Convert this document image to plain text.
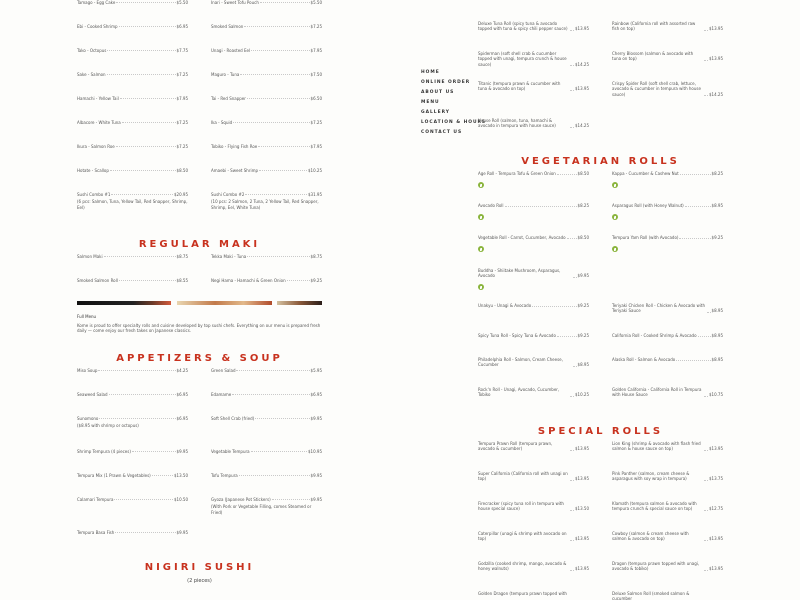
Tamago - Egg Cake	$5.50
Ebi - Cooked Shrimp	$6.95
Tako - Octopus	$7.75
Sake - Salmon	$7.25
Hamachi - Yellow Tail	$7.95
Albacore - White Tuna	$7.25
Ikura - Salmon Roe	$7.25
Hotate - Scallop	$8.50
Sushi Combo #1	$20.95
(6 pcs: Salmon, Tuna, Yellow Tail, Red Snapper, Shrimp, Eel)
Inari - Sweet Tofu Pouch	$5.50
Smoked Salmon	$7.25
Unagi - Roasted Eel	$7.95
Maguro - Tuna	$7.50
Tai - Red Snapper	$6.50
Ika - Squid	$7.25
Tobiko - Flying Fish Roe	$7.95
Amaebi - Sweet Shrimp	$10.25
Sushi Combo #2	$31.95
(10 pcs: 2 Salmon, 2 Tuna, 2 Yellow Tail, Red Snapper, Shrimp, Eel, White Tuna)
REGULAR MAKI
Salmon Maki	$8.75
Smoked Salmon Roll	$8.55
Tekka Maki - Tuna	$8.75
Negi Hama - Hamachi & Green Onion	$9.25
Full Menu
Kome is proud to offer specialty rolls and cuisine developed by top sushi chefs. Everything on our menu is prepared fresh daily — come enjoy our fresh takes on Japanese classics.
APPETIZERS & SOUP
Miso Soup	$4.25
Seaweed Salad	$6.95
Sunomono	$6.95
($8.95 with shrimp or octopus)
Shrimp Tempura (4 pieces)	$9.95
Tempura Mix (1 Prawn & Vegetables)	$13.50
Calamari Tempura	$10.50
Tempura Basa Fish	$9.95
Green Salad	$5.95
Edamame	$6.95
Soft Shell Crab (fried)	$9.95
Vegetable Tempura	$10.95
Tofu Tempura	$9.95
Gyoza (Japanese Pot Stickers)	$9.95
(With Pork or Vegetable Filling, comes Steamed or Fried)
NIGIRI SUSHI
(2 pieces)
HOME
ONLINE ORDER
ABOUT US
MENU
GALLERY
LOCATION & HOURS
CONTACT US
Deluxe Tuna Roll (spicy tuna & avocado topped with tuna & spicy chili pepper sauce)	$13.95
Spiderman (soft shell crab & cucumber topped with unagi, tempura crunch & house sauce)	$14.25
Titanic (tempura prawn & cucumber with tuna & avocado on top)	$13.95
House Roll (salmon, tuna, hamachi & avocado in tempura with house sauce)	$14.25
Rainbow (California roll with assorted raw fish on top)	$13.95
Cherry Blossom (salmon & avocado with tuna on top)	$13.95
Crispy Spider Roll (soft shell crab, lettuce, avocado & cucumber in tempura with house sauce)	$14.25
VEGETARIAN ROLLS
Age Roll - Tempura Tofu & Green Onion	$8.50
Avocado Roll	$8.25
Vegetable Roll - Carrot, Cucumber, Avocado	$8.50
Buddha - Shiitake Mushroom, Asparagus, Avocado	$9.95
Unakyu - Unagi & Avocado	$9.25
Spicy Tuna Roll - Spicy Tuna & Avocado	$9.25
Philadelphia Roll - Salmon, Cream Cheese, Cucumber	$8.95
Rock'n Roll - Unagi, Avocado, Cucumber, Tobiko	$10.25
Kappa - Cucumber & Cashew Nut	$8.25
Asparagus Roll (with Honey Walnut)	$8.95
Tempura Yam Roll (with Avocado)	$9.25
Teriyaki Chicken Roll - Chicken & Avocado with Teriyaki Sauce	$8.95
California Roll - Cooked Shrimp & Avocado	$8.95
Alaska Roll - Salmon & Avocado	$8.95
Golden California - California Roll in Tempura with House Sauce	$10.75
SPECIAL ROLLS
Tempura Prawn Roll (tempura prawn, avocado & cucumber)	$13.95
Super California (California roll with unagi on top)	$13.95
Firecracker (spicy tuna roll in tempura with house special sauce)	$13.50
Caterpillar (unagi & shrimp with avocado on top)	$13.95
Godzilla (cooked shrimp, mango, avocado & honey walnuts)	$13.95
Golden Dragon (tempura prawn topped with
Lion King (shrimp & avocado with flash fried salmon & house sauce on top)	$13.95
Pink Panther (salmon, cream cheese & asparagus with soy wrap in tempura)	$13.75
Klamath (tempura salmon & avocado with tempura crunch & special sauce on top)	$12.75
Cowboy (salmon & cream cheese with salmon & avocado on top)	$13.95
Dragon (tempura prawn topped with unagi, avocado & tobiko)	$13.95
Deluxe Salmon Roll (smoked salmon & cucumber
